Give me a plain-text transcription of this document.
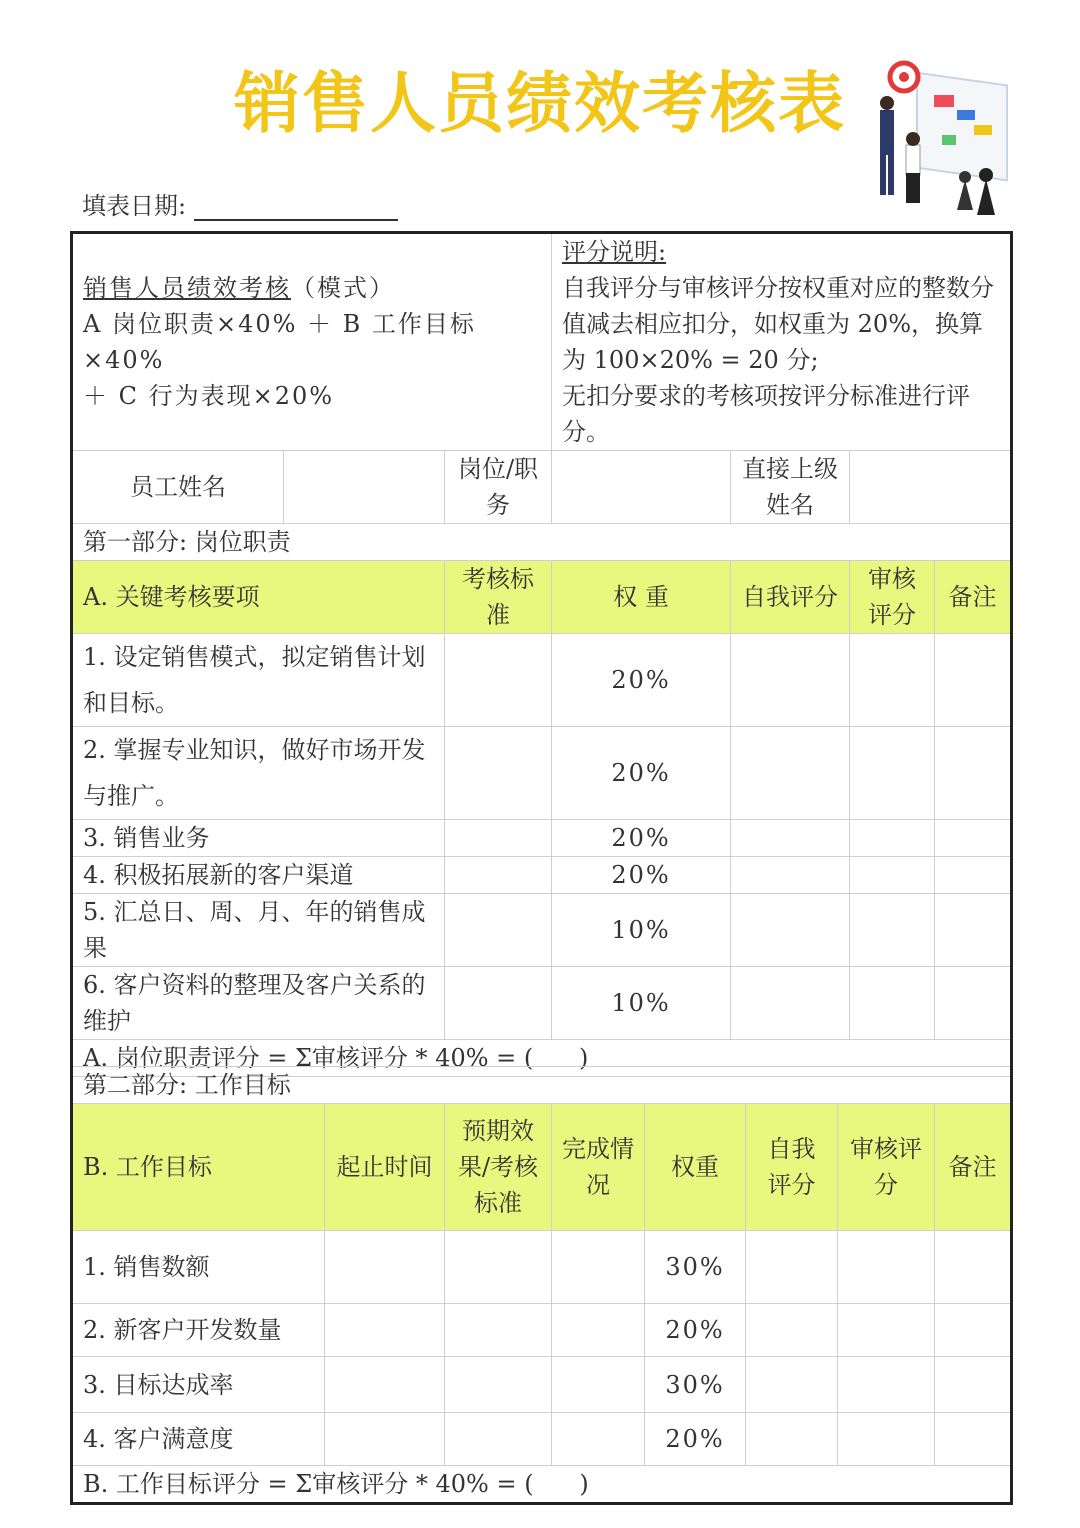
销售人员绩效考核表
填表日期:
销售人员绩效考核（模式）
A 岗位职责×40% ＋ B 工作目标×40%
＋ C 行为表现×20%			评分说明:
自我评分与审核评分按权重对应的整数分值减去相应扣分，如权重为 20%，换算为 100×20% = 20 分;
无扣分要求的考核项按评分标准进行评分。			
员工姓名		岗位/职务		直接上级姓名		
第一部分: 岗位职责						
A. 关键考核要项		考核标准	权 重	自我评分	审核评分	备注
1. 设定销售模式，拟定销售计划和目标。			20%			
2. 掌握专业知识，做好市场开发与推广。			20%			
3. 销售业务			20%			
4. 积极拓展新的客户渠道			20%			
5. 汇总日、周、月、年的销售成果			10%			
6. 客户资料的整理及客户关系的维护			10%			
A. 岗位职责评分 = Σ审核评分 * 40% = (      )						
第二部分: 工作目标							
B. 工作目标	起止时间	预期效果/考核标准	完成情况	权重	自我评分	审核评分	备注
1. 销售数额				30%			
2. 新客户开发数量				20%			
3. 目标达成率				30%			
4. 客户满意度				20%			
B. 工作目标评分 = Σ审核评分 * 40% = (      )							
